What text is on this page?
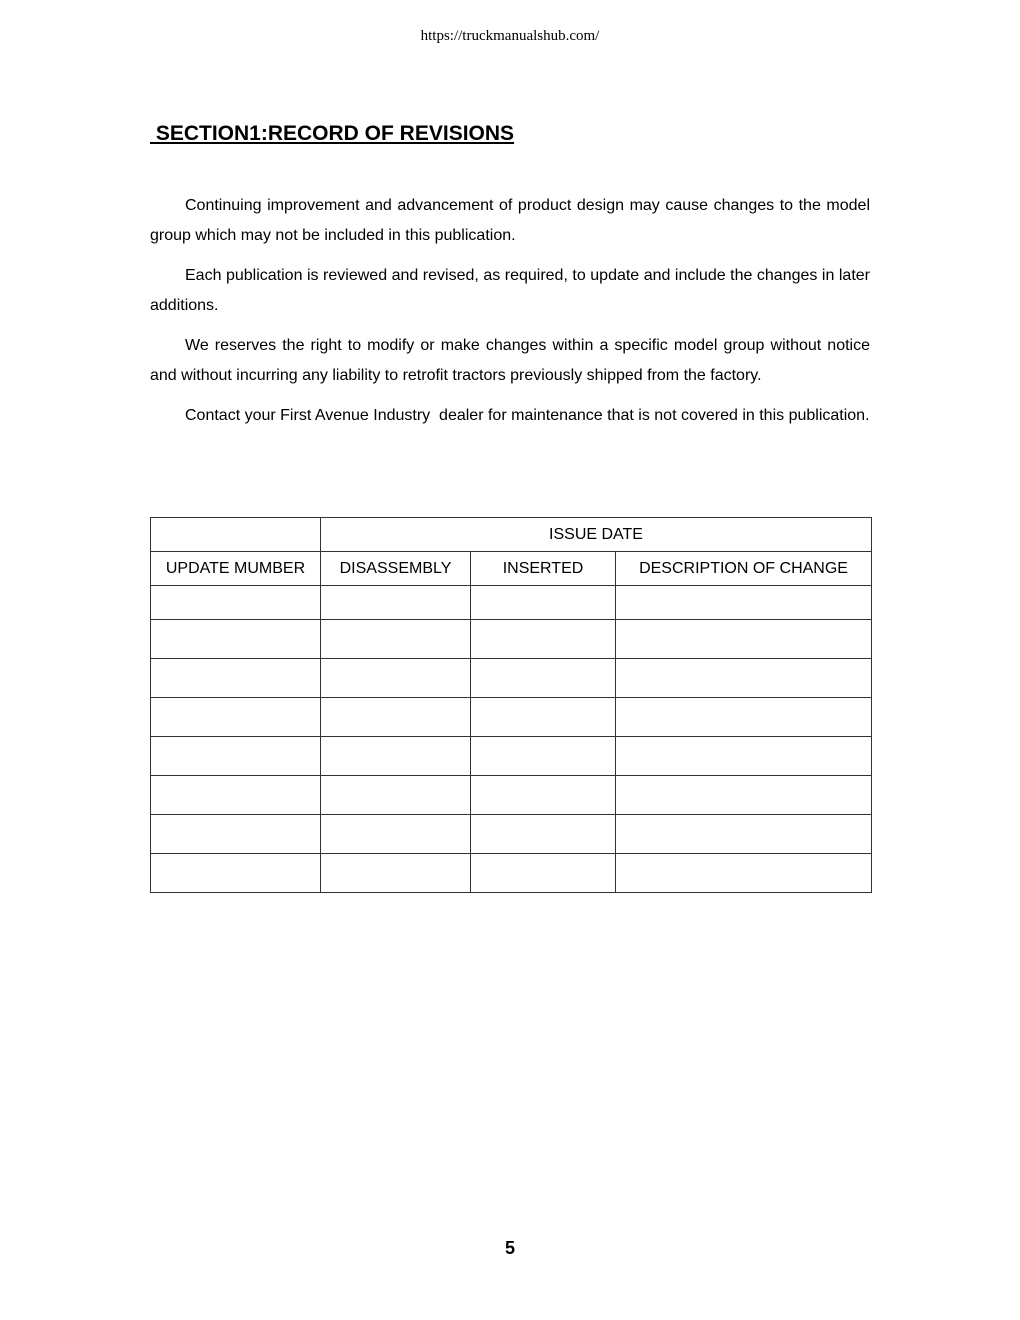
https://truckmanualshub.com/
SECTION1:RECORD OF REVISIONS

Continuing improvement and advancement of product design may cause changes to the model group which may not be included in this publication.

Each publication is reviewed and revised, as required, to update and include the changes in later additions.

We reserves the right to modify or make changes within a specific model group without notice and without incurring any liability to retrofit tractors previously shipped from the factory.

Contact your First Avenue Industry  dealer for maintenance that is not covered in this publication.

	ISSUE DATE		
UPDATE MUMBER	DISASSEMBLY	INSERTED	DESCRIPTION OF CHANGE

5
